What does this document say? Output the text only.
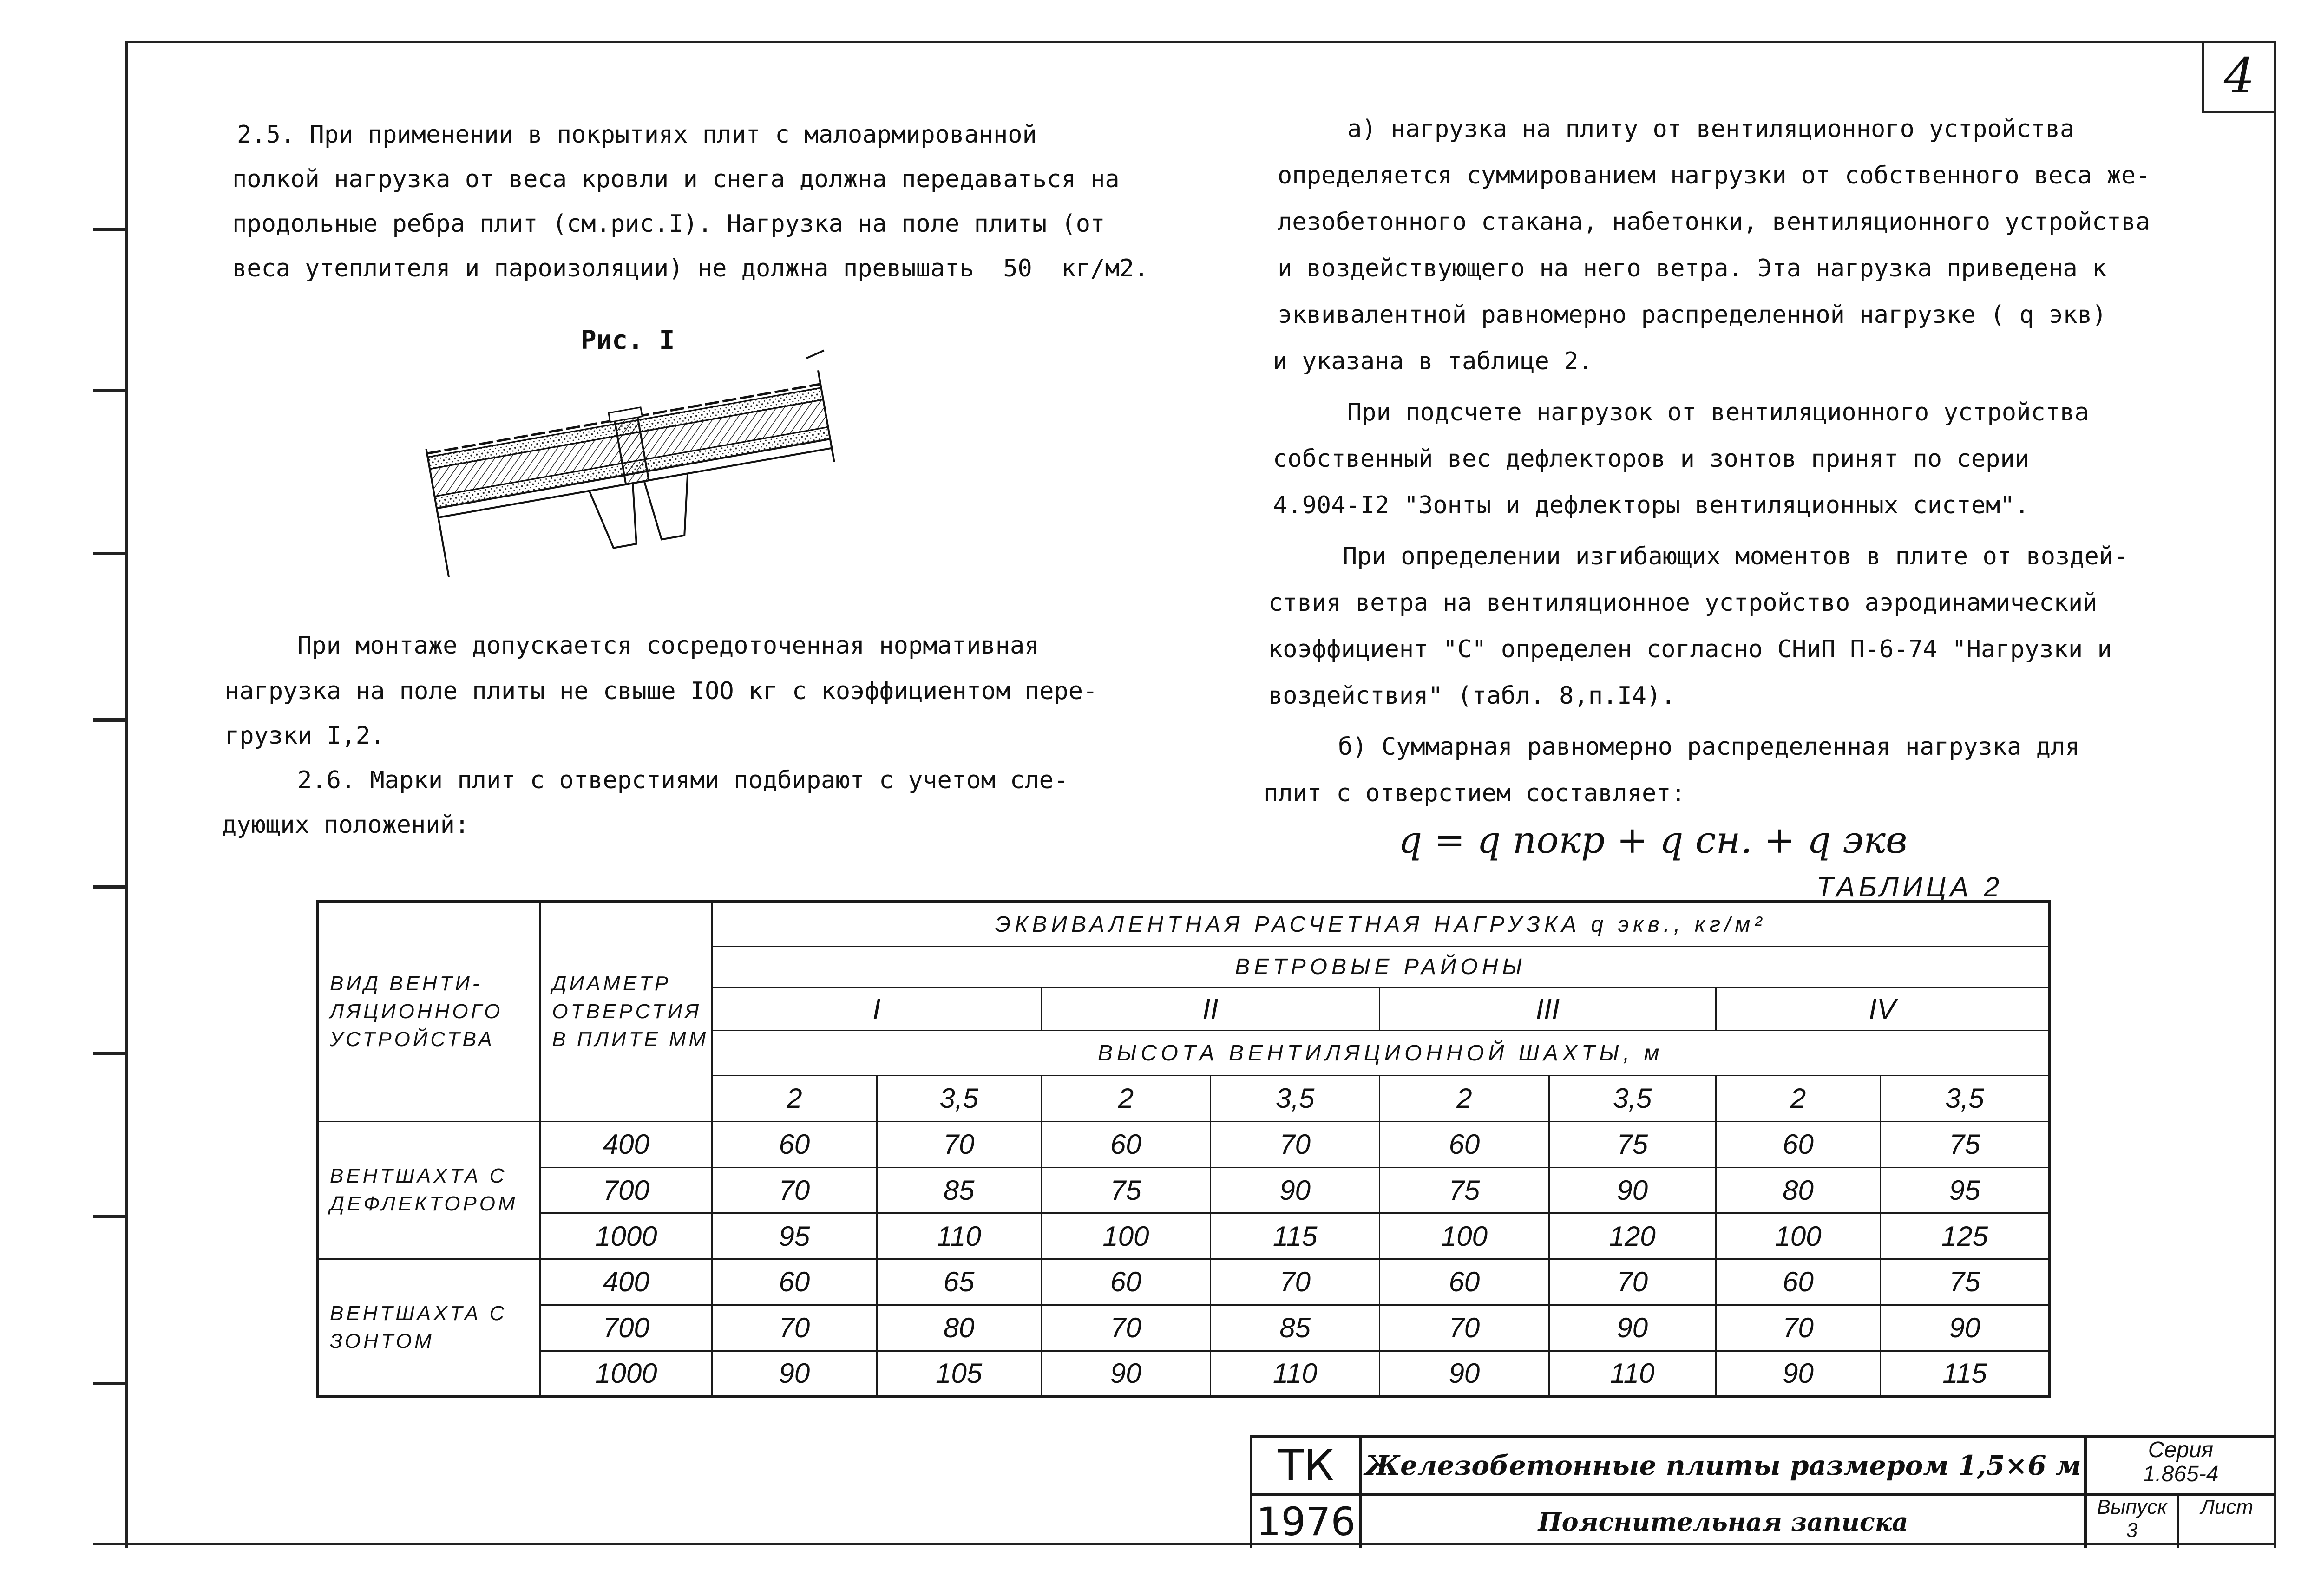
4
2.5. При применении в покрытиях плит с малоармированной
полкой нагрузка от веса кровли и снега должна передаваться на
продольные ребра плит (см.рис.I). Нагрузка на поле плиты (от
веса утеплителя и пароизоляции) не должна превышать  50  кг/м2.
Рис. I
При монтаже допускается сосредоточенная нормативная
нагрузка на поле плиты не свыше IOO кг с коэффициентом пере-
грузки I,2.
2.6. Марки плит с отверстиями подбирают с учетом сле-
дующих положений:
а) нагрузка на плиту от вентиляционного устройства
определяется суммированием нагрузки от собственного веса же-
лезобетонного стакана, набетонки, вентиляционного устройства
и воздействующего на него ветра. Эта нагрузка приведена к
эквивалентной равномерно распределенной нагрузке ( q экв)
и указана в таблице 2.
При подсчете нагрузок от вентиляционного устройства
собственный вес дефлекторов и зонтов принят по серии
4.904-I2 "Зонты и дефлекторы вентиляционных систем".
При определении изгибающих моментов в плите от воздей-
ствия ветра на вентиляционное устройство аэродинамический
коэффициент "С" определен согласно СНиП П-6-74 "Нагрузки и
воздействия" (табл. 8,п.I4).
б) Суммарная равномерно распределенная нагрузка для
плит с отверстием составляет:
q = q покр + q сн. + q экв
ТАБЛИЦА 2
ВИД ВЕНТИ-ЛЯЦИОННОГО УСТРОЙСТВА	ДИАМЕТР ОТВЕРСТИЯ В ПЛИТЕ ММ	ЭКВИВАЛЕНТНАЯ РАСЧЕТНАЯ НАГРУЗКА q экв., кг/м²							
		ВЕТРОВЫЕ РАЙОНЫ							
		I		II		III		IV	
		ВЫСОТА ВЕНТИЛЯЦИОННОЙ ШАХТЫ, м							
		2	3,5	2	3,5	2	3,5	2	3,5
ВЕНТШАХТА С ДЕФЛЕКТОРОМ	400	60	70	60	70	60	75	60	75
	700	70	85	75	90	75	90	80	95
	1000	95	110	100	115	100	120	100	125
ВЕНТШАХТА С ЗОНТОМ	400	60	65	60	70	60	70	60	75
	700	70	80	70	85	70	90	70	90
	1000	90	105	90	110	90	110	90	115
ТК
1976
Железобетонные плиты размером 1,5×6 м
Пояснительная записка
Серия
1.865-4
Выпуск
3
Лист
